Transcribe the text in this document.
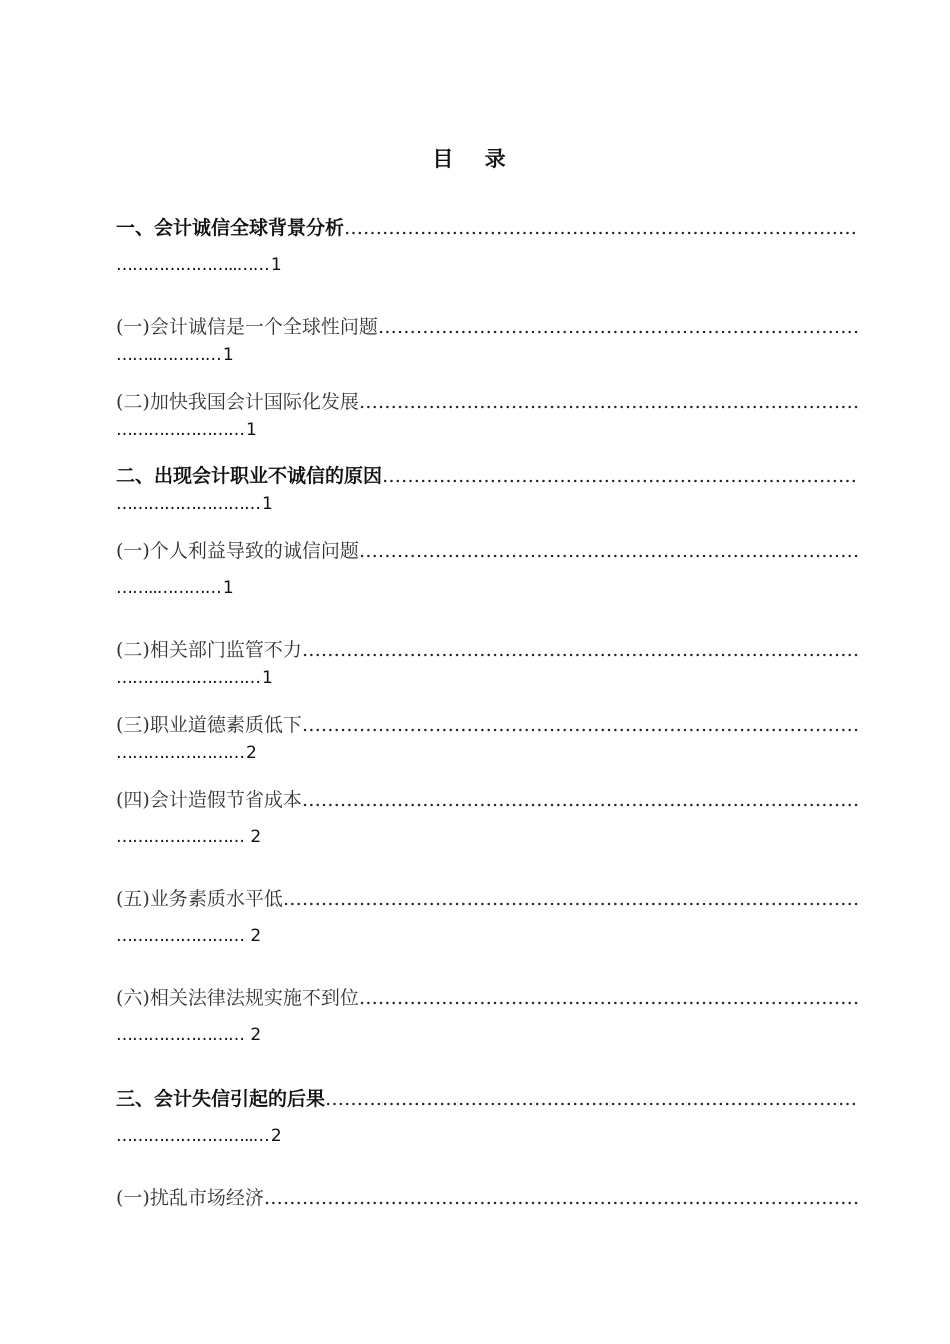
目 录
一、会计诚信全球背景分析
…………………………………………………………………………………………………………………………………………………………
…………………..…… 1
(一)会计诚信是一个全球性问题
…………………………………………………………………………………………………………………………………………………………
……..………… 1
(二)加快我国会计国际化发展
…………………………………………………………………………………………………………………………………………………………
…………………… 1
二、出现会计职业不诚信的原因
…………………………………………………………………………………………………………………………………………………………
……………………… 1
(一)个人利益导致的诚信问题
…………………………………………………………………………………………………………………………………………………………
……..………… 1
(二)相关部门监管不力
…………………………………………………………………………………………………………………………………………………………
……………………… 1
(三)职业道德素质低下
…………………………………………………………………………………………………………………………………………………………
…………………… 2
(四)会计造假节省成本
…………………………………………………………………………………………………………………………………………………………
…………………… 2
(五)业务素质水平低
…………………………………………………………………………………………………………………………………………………………
…………………… 2
(六)相关法律法规实施不到位
…………………………………………………………………………………………………………………………………………………………
…………………… 2
三、会计失信引起的后果
…………………………………………………………………………………………………………………………………………………………
……………………..… 2
(一)扰乱市场经济
…………………………………………………………………………………………………………………………………………………………
